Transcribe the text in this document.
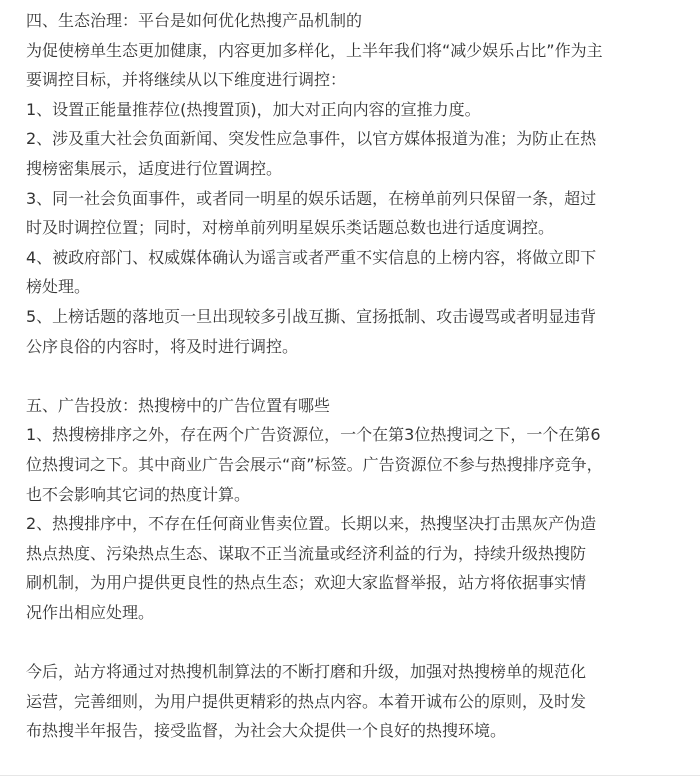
四、生态治理：平台是如何优化热搜产品机制的
为促使榜单生态更加健康，内容更加多样化，上半年我们将“减少娱乐占比”作为主
要调控目标，并将继续从以下维度进行调控：
1、设置正能量推荐位(热搜置顶)，加大对正向内容的宣推力度。
2、涉及重大社会负面新闻、突发性应急事件，以官方媒体报道为准；为防止在热
搜榜密集展示，适度进行位置调控。
3、同一社会负面事件，或者同一明星的娱乐话题，在榜单前列只保留一条，超过
时及时调控位置；同时，对榜单前列明星娱乐类话题总数也进行适度调控。
4、被政府部门、权威媒体确认为谣言或者严重不实信息的上榜内容，将做立即下
榜处理。
5、上榜话题的落地页一旦出现较多引战互撕、宣扬抵制、攻击谩骂或者明显违背
公序良俗的内容时，将及时进行调控。
五、广告投放：热搜榜中的广告位置有哪些
1、热搜榜排序之外，存在两个广告资源位，一个在第3位热搜词之下，一个在第6
位热搜词之下。其中商业广告会展示“商”标签。广告资源位不参与热搜排序竞争，
也不会影响其它词的热度计算。
2、热搜排序中，不存在任何商业售卖位置。长期以来，热搜坚决打击黑灰产伪造
热点热度、污染热点生态、谋取不正当流量或经济利益的行为，持续升级热搜防
刷机制，为用户提供更良性的热点生态；欢迎大家监督举报，站方将依据事实情
况作出相应处理。
今后，站方将通过对热搜机制算法的不断打磨和升级，加强对热搜榜单的规范化
运营，完善细则，为用户提供更精彩的热点内容。本着开诚布公的原则，及时发
布热搜半年报告，接受监督，为社会大众提供一个良好的热搜环境。
